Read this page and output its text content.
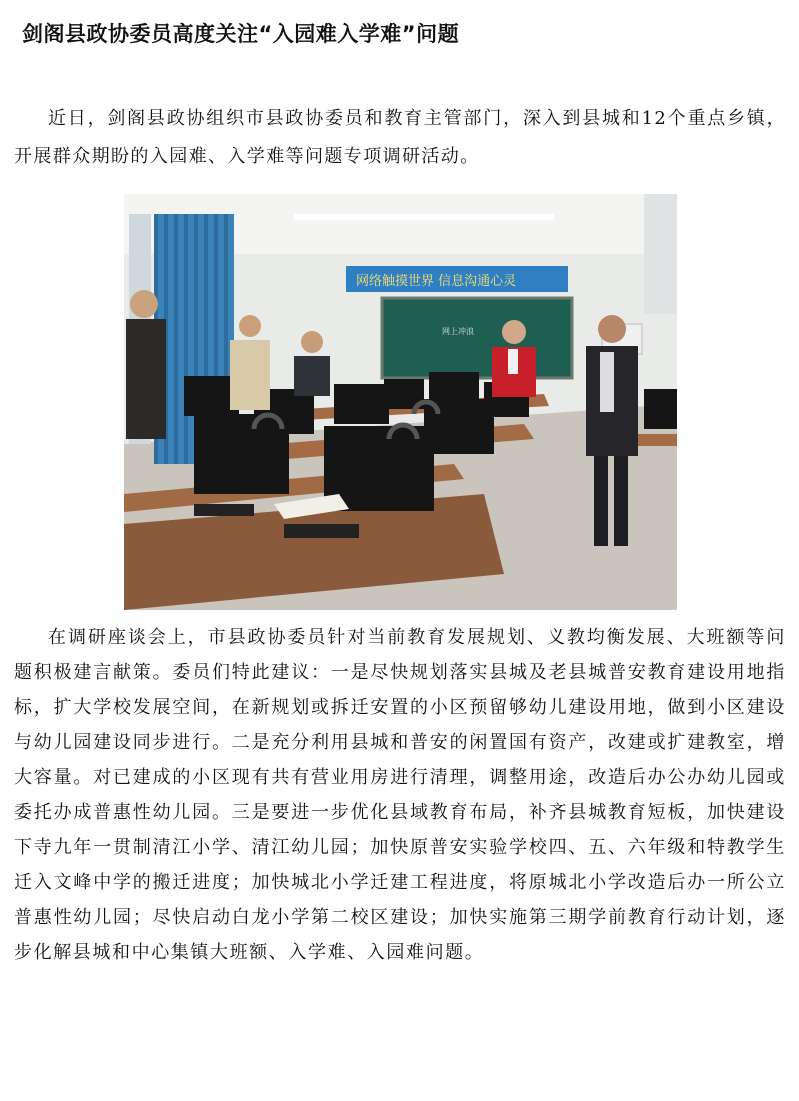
剑阁县政协委员高度关注“入园难入学难”问题

近日，剑阁县政协组织市县政协委员和教育主管部门，深入到县城和12个重点乡镇，开展群众期盼的入园难、入学难等问题专项调研活动。

网络触摸世界 信息沟通心灵
网上冲浪

在调研座谈会上，市县政协委员针对当前教育发展规划、义教均衡发展、大班额等问题积极建言献策。委员们特此建议：一是尽快规划落实县城及老县城普安教育建设用地指标，扩大学校发展空间，在新规划或拆迁安置的小区预留够幼儿建设用地，做到小区建设与幼儿园建设同步进行。二是充分利用县城和普安的闲置国有资产，改建或扩建教室，增大容量。对已建成的小区现有共有营业用房进行清理，调整用途，改造后办公办幼儿园或委托办成普惠性幼儿园。三是要进一步优化县域教育布局，补齐县城教育短板，加快建设下寺九年一贯制清江小学、清江幼儿园；加快原普安实验学校四、五、六年级和特教学生迁入文峰中学的搬迁进度；加快城北小学迁建工程进度，将原城北小学改造后办一所公立普惠性幼儿园；尽快启动白龙小学第二校区建设；加快实施第三期学前教育行动计划，逐步化解县城和中心集镇大班额、入学难、入园难问题。
